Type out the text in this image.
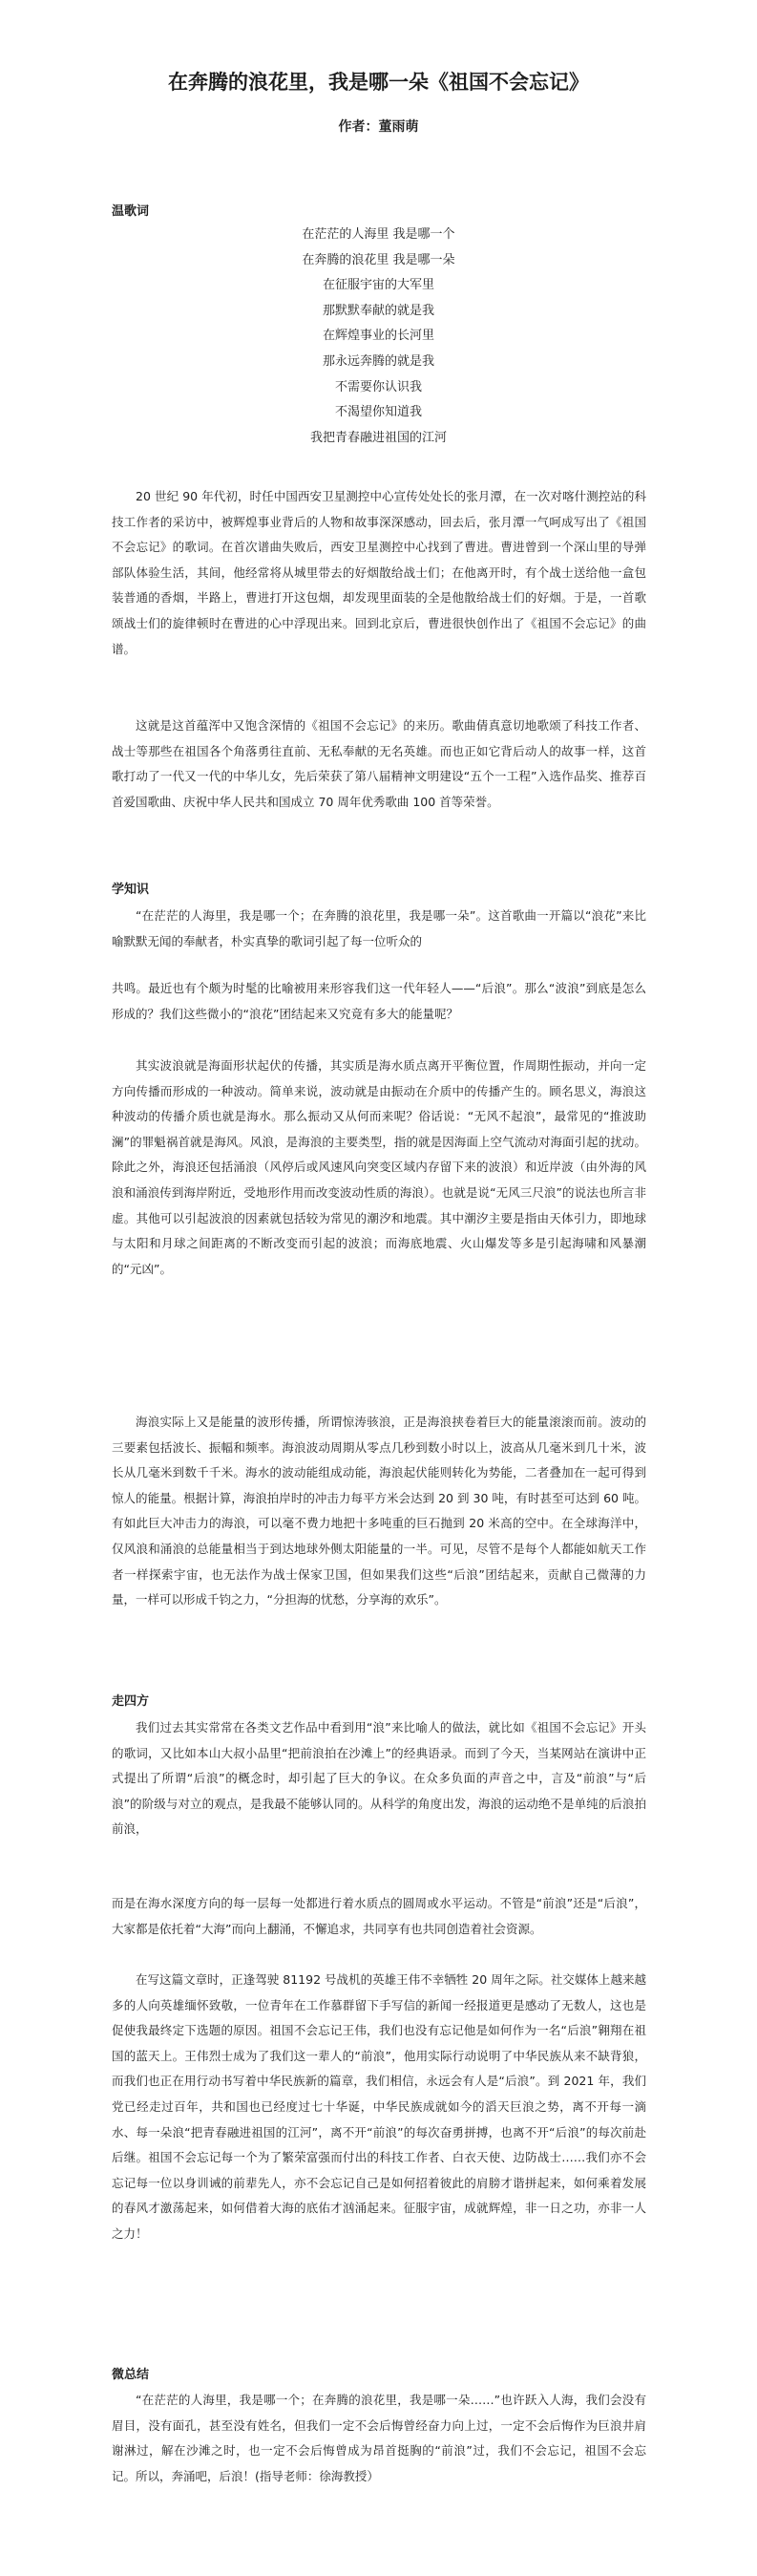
在奔腾的浪花里，我是哪一朵《祖国不会忘记》
作者：董雨萌
温歌词
在茫茫的人海里 我是哪一个
在奔腾的浪花里 我是哪一朵
在征服宇宙的大军里
那默默奉献的就是我
在辉煌事业的长河里
那永远奔腾的就是我
不需要你认识我
不渴望你知道我
我把青春融进祖国的江河

20 世纪 90 年代初，时任中国西安卫星测控中心宣传处处长的张月潭，在一次对喀什测控站的科技工作者的采访中，被辉煌事业背后的人物和故事深深感动，回去后，张月潭一气呵成写出了《祖国不会忘记》的歌词。在首次谱曲失败后，西安卫星测控中心找到了曹进。曹进曾到一个深山里的导弹部队体验生活，其间，他经常将从城里带去的好烟散给战士们；在他离开时，有个战士送给他一盒包装普通的香烟，半路上，曹进打开这包烟，却发现里面装的全是他散给战士们的好烟。于是，一首歌颂战士们的旋律顿时在曹进的心中浮现出来。回到北京后，曹进很快创作出了《祖国不会忘记》的曲谱。

这就是这首蕴浑中又饱含深情的《祖国不会忘记》的来历。歌曲倩真意切地歌颂了科技工作者、战士等那些在祖国各个角落勇往直前、无私奉献的无名英雄。而也正如它背后动人的故事一样，这首歌打动了一代又一代的中华儿女，先后荣获了第八届精神文明建设“五个一工程”入选作品奖、推荐百首爱国歌曲、庆祝中华人民共和国成立 70 周年优秀歌曲 100 首等荣誉。

学知识

“在茫茫的人海里，我是哪一个；在奔腾的浪花里，我是哪一朵”。这首歌曲一开篇以“浪花”来比喻默默无闻的奉献者，朴实真挚的歌词引起了每一位听众的

共鸣。最近也有个颇为时髦的比喻被用来形容我们这一代年轻人——“后浪”。那么“波浪”到底是怎么形成的？我们这些微小的“浪花”团结起来又究竟有多大的能量呢？

其实波浪就是海面形状起伏的传播，其实质是海水质点离开平衡位置，作周期性振动，并向一定方向传播而形成的一种波动。简单来说，波动就是由振动在介质中的传播产生的。顾名思义，海浪这种波动的传播介质也就是海水。那么振动又从何而来呢？俗话说：“无风不起浪”，最常见的“推波助澜”的罪魁祸首就是海风。风浪，是海浪的主要类型，指的就是因海面上空气流动对海面引起的扰动。除此之外，海浪还包括涌浪（风停后或风速风向突变区域内存留下来的波浪）和近岸波（由外海的风浪和涌浪传到海岸附近，受地形作用而改变波动性质的海浪）。也就是说“无风三尺浪”的说法也所言非虚。其他可以引起波浪的因素就包括较为常见的潮汐和地震。其中潮汐主要是指由天体引力，即地球与太阳和月球之间距离的不断改变而引起的波浪；而海底地震、火山爆发等多是引起海啸和风暴潮的“元凶”。

海浪实际上又是能量的波形传播，所谓惊涛骇浪，正是海浪挟卷着巨大的能量滚滚而前。波动的三要素包括波长、振幅和频率。海浪波动周期从零点几秒到数小时以上，波高从几毫米到几十米，波长从几毫米到数千千米。海水的波动能组成动能，海浪起伏能则转化为势能，二者叠加在一起可得到惊人的能量。根据计算，海浪拍岸时的冲击力每平方米会达到 20 到 30 吨，有时甚至可达到 60 吨。有如此巨大冲击力的海浪，可以毫不费力地把十多吨重的巨石抛到 20 米高的空中。在全球海洋中，仅风浪和涌浪的总能量相当于到达地球外侧太阳能量的一半。可见，尽管不是每个人都能如航天工作者一样探索宇宙，也无法作为战士保家卫国，但如果我们这些“后浪”团结起来，贡献自己微薄的力量，一样可以形成千钧之力，“分担海的忧愁，分享海的欢乐”。

走四方

我们过去其实常常在各类文艺作品中看到用“浪”来比喻人的做法，就比如《祖国不会忘记》开头的歌词，又比如本山大叔小品里“把前浪拍在沙滩上”的经典语录。而到了今天，当某网站在演讲中正式提出了所谓“后浪”的概念时，却引起了巨大的争议。在众多负面的声音之中，言及“前浪”与“后浪”的阶级与对立的观点，是我最不能够认同的。从科学的角度出发，海浪的运动绝不是单纯的后浪拍前浪，

而是在海水深度方向的每一层每一处都进行着水质点的圆周或水平运动。不管是“前浪”还是“后浪”，大家都是依托着“大海”而向上翻涌，不懈追求，共同享有也共同创造着社会资源。

在写这篇文章时，正逢驾驶 81192 号战机的英雄王伟不幸牺牲 20 周年之际。社交媒体上越来越多的人向英雄缅怀致敬，一位青年在工作慕群留下手写信的新闻一经报道更是感动了无数人，这也是促使我最终定下选题的原因。祖国不会忘记王伟，我们也没有忘记他是如何作为一名“后浪”翱翔在祖国的蓝天上。王伟烈士成为了我们这一辈人的“前浪”，他用实际行动说明了中华民族从来不缺背狼，而我们也正在用行动书写着中华民族新的篇章，我们相信，永远会有人是“后浪”。到 2021 年，我们党已经走过百年，共和国也已经度过七十华诞，中华民族成就如今的滔天巨浪之势，离不开每一滴水、每一朵浪“把青春融进祖国的江河”，离不开“前浪”的每次奋勇拼搏，也离不开“后浪”的每次前赴后继。祖国不会忘记每一个为了繁荣富强而付出的科技工作者、白衣天使、边防战士……我们亦不会忘记每一位以身训诫的前辈先人，亦不会忘记自己是如何招着彼此的肩膀才谐拼起来，如何乘着发展的春风才激荡起来，如何借着大海的底佑才汹涌起来。征服宇宙，成就辉煌，非一日之功，亦非一人之力！

微总结

“在茫茫的人海里，我是哪一个；在奔腾的浪花里，我是哪一朵……”也许跃入人海，我们会没有眉目，没有面孔，甚至没有姓名，但我们一定不会后悔曾经奋力向上过，一定不会后悔作为巨浪井肩谢淋过，解在沙滩之时，也一定不会后悔曾成为昂首挺胸的“前浪”过，我们不会忘记，祖国不会忘记。所以，奔涌吧，后浪！(指导老师：徐海教授）
